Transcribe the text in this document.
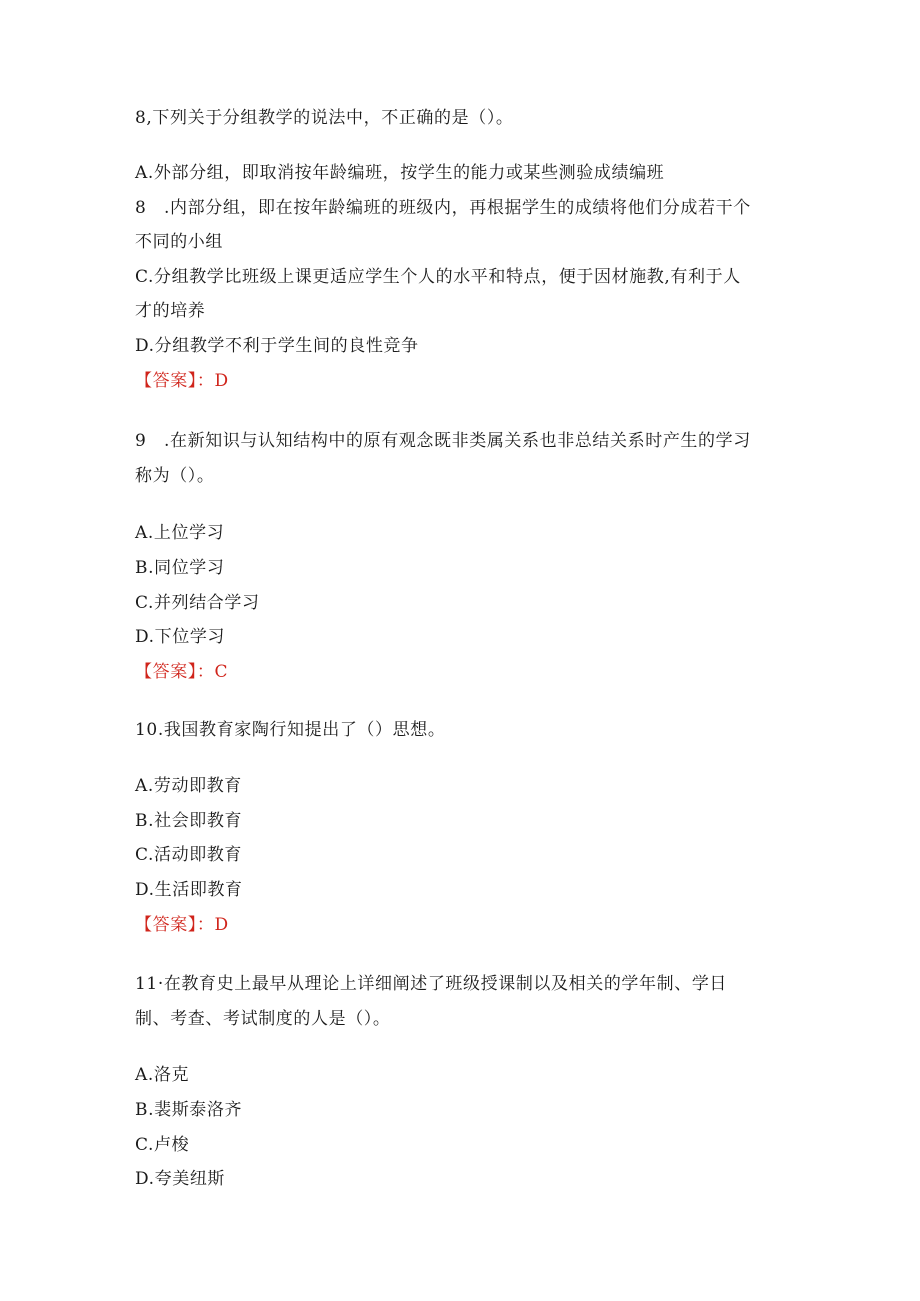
8,下列关于分组教学的说法中，不正确的是（）。
A.外部分组，即取消按年龄编班，按学生的能力或某些测验成绩编班
8　.内部分组，即在按年龄编班的班级内，再根据学生的成绩将他们分成若干个
不同的小组
C.分组教学比班级上课更适应学生个人的水平和特点，便于因材施教,有利于人
才的培养
D.分组教学不利于学生间的良性竞争
【答案】：D
9　.在新知识与认知结构中的原有观念既非类属关系也非总结关系时产生的学习
称为（）。
A.上位学习
B.同位学习
C.并列结合学习
D.下位学习
【答案】：C
10.我国教育家陶行知提出了（）思想。
A.劳动即教育
B.社会即教育
C.活动即教育
D.生活即教育
【答案】：D
11·在教育史上最早从理论上详细阐述了班级授课制以及相关的学年制、学日
制、考查、考试制度的人是（）。
A.洛克
B.裴斯泰洛齐
C.卢梭
D.夸美纽斯
